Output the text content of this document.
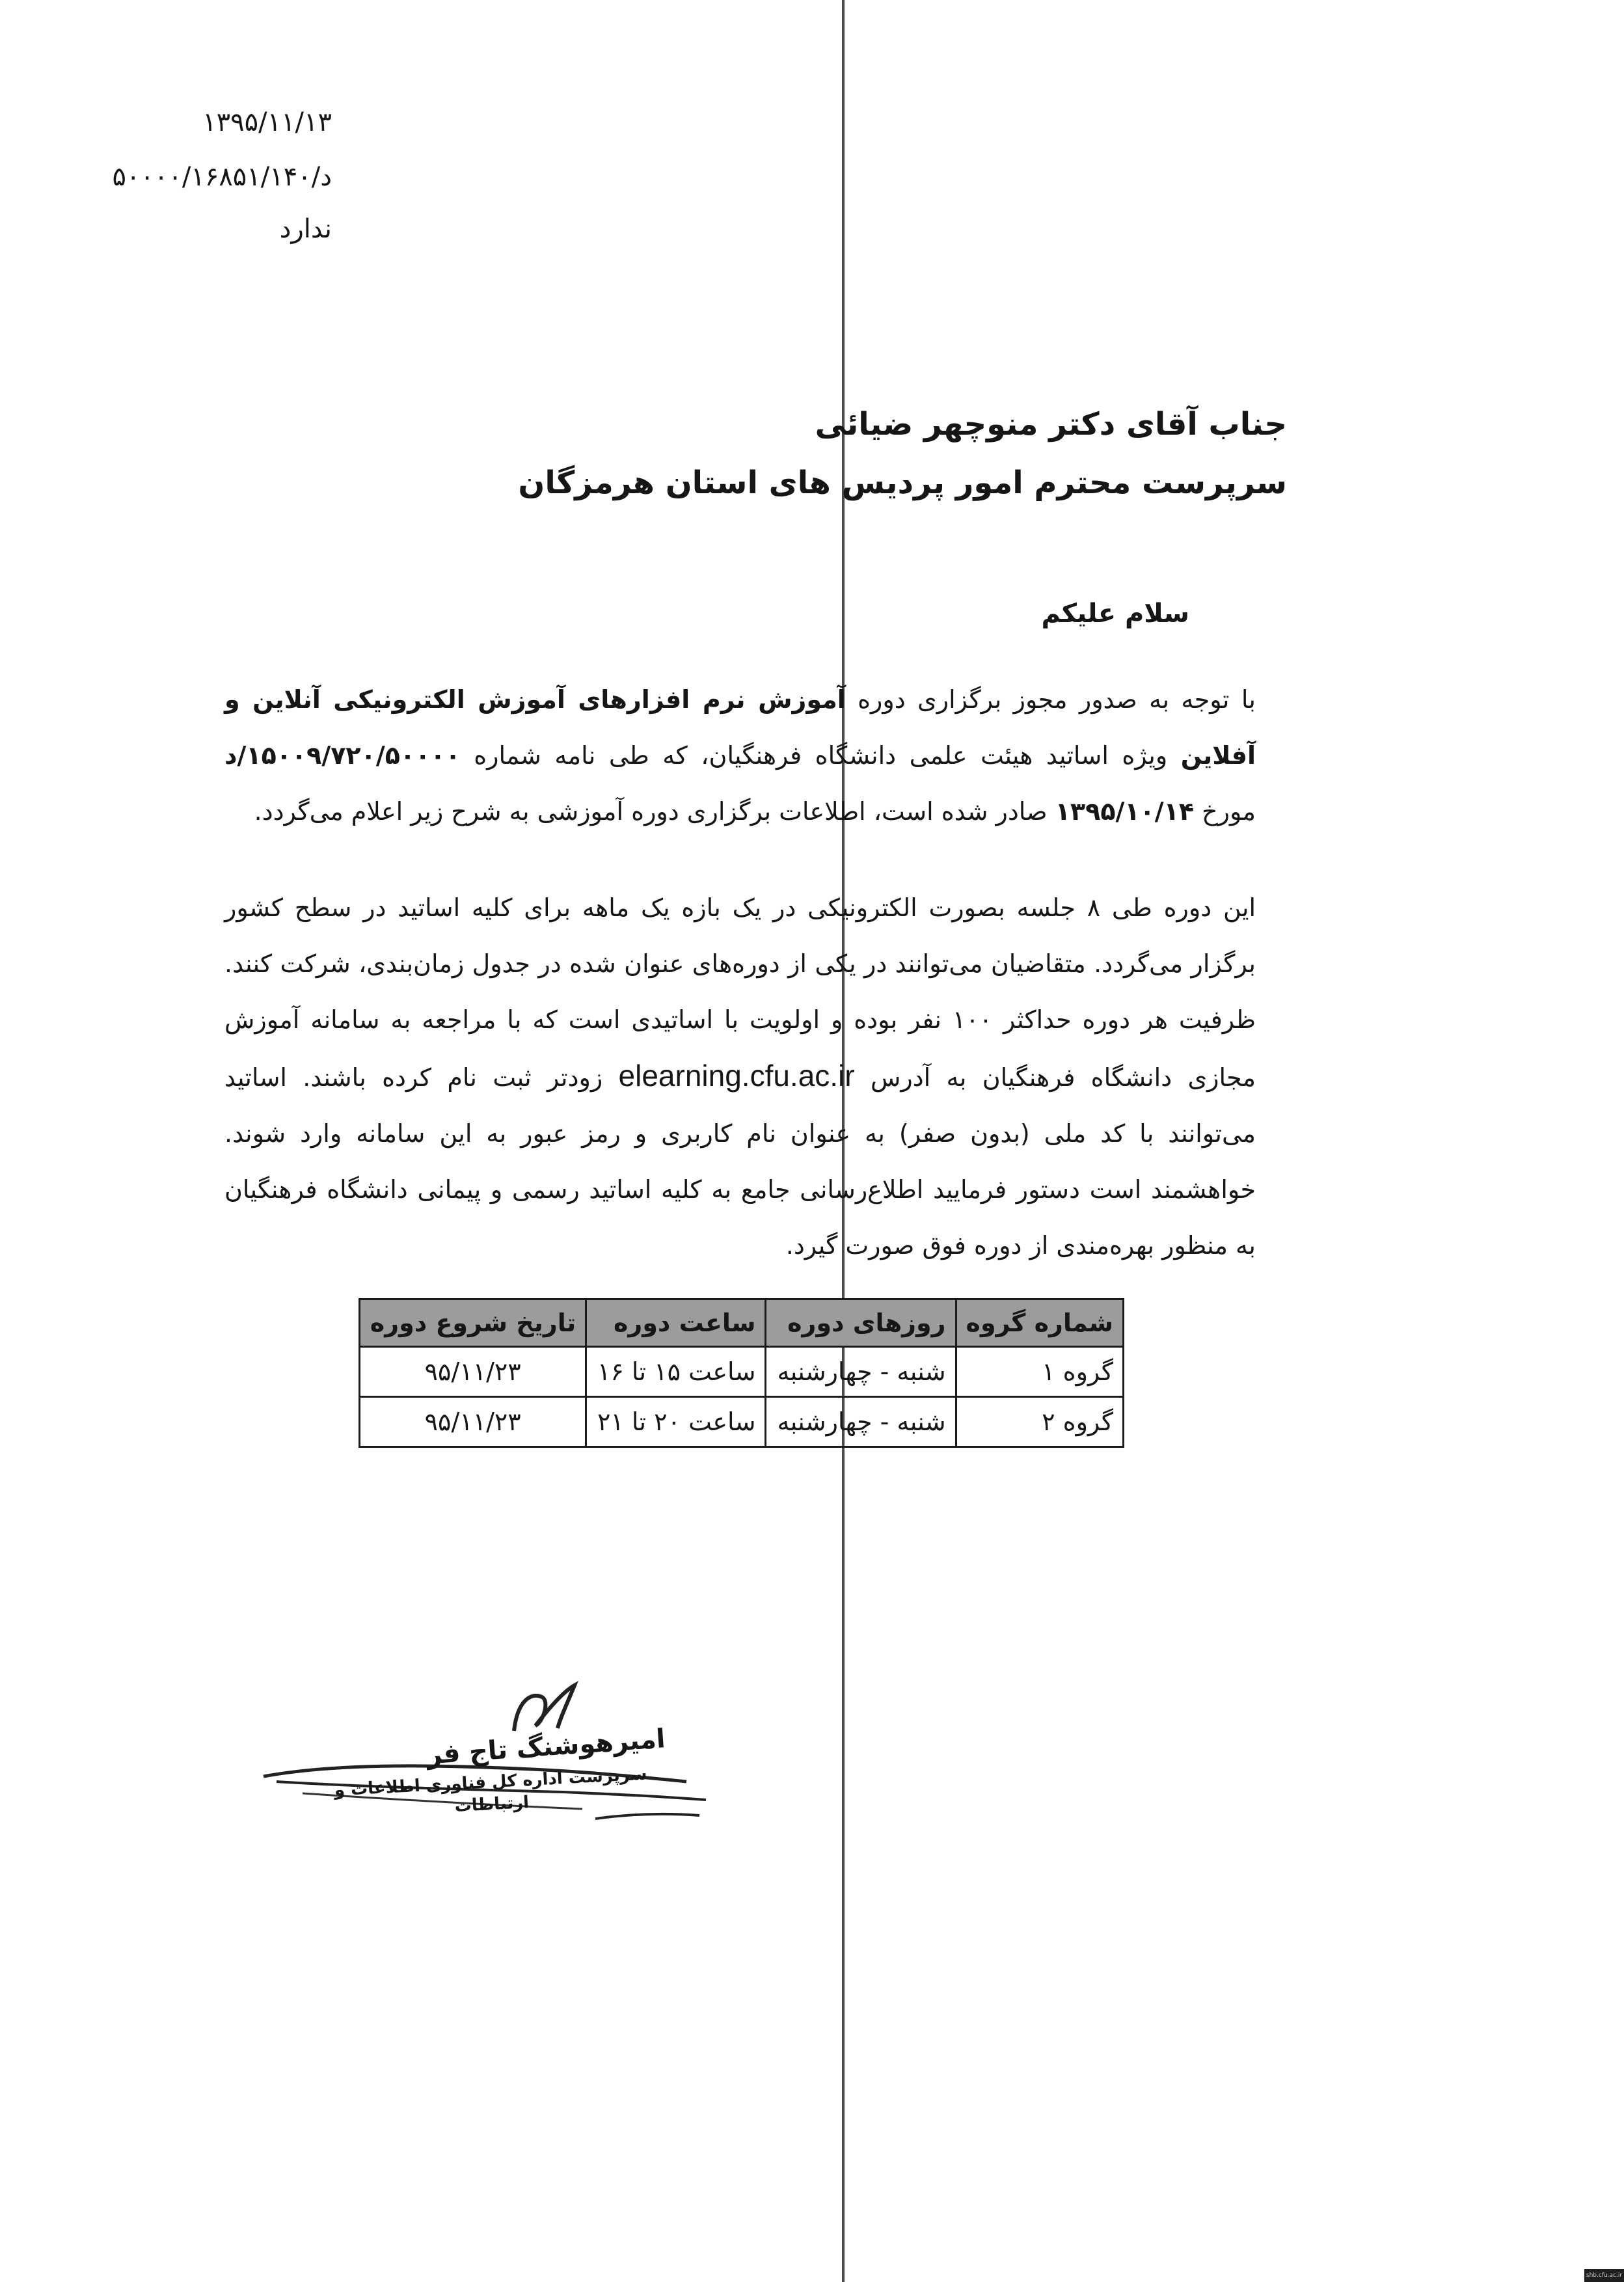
۱۳۹۵/۱۱/۱۳
۵۰۰۰۰/۱۶۸۵۱/۱۴۰/د
ندارد
جناب آقای دکتر منوچهر ضیائی
سرپرست محترم امور پردیس های استان هرمزگان
سلام علیکم

با توجه به صدور مجوز برگزاری دوره آموزش نرم افزارهای آموزش الکترونیکی آنلاین و آفلاین ویژه اساتید هیئت علمی دانشگاه فرهنگیان، که طی نامه شماره ۱۵۰۰۹/۷۲۰/۵۰۰۰۰/د مورخ ۱۳۹۵/۱۰/۱۴ صادر شده است، اطلاعات برگزاری دوره آموزشی به شرح زیر اعلام می‌گردد.

این دوره طی ۸ جلسه بصورت الکترونیکی در یک بازه یک ماهه برای کلیه اساتید در سطح کشور برگزار می‌گردد. متقاضیان می‌توانند در یکی از دوره‌های عنوان شده در جدول زمان‌بندی، شرکت کنند. ظرفیت هر دوره حداکثر ۱۰۰ نفر بوده و اولویت با اساتیدی است که با مراجعه به سامانه آموزش مجازی دانشگاه فرهنگیان به آدرس elearning.cfu.ac.ir زودتر ثبت نام کرده باشند. اساتید می‌توانند با کد ملی (بدون صفر) به عنوان نام کاربری و رمز عبور به این سامانه وارد شوند. خواهشمند است دستور فرمایید اطلاع‌رسانی جامع به کلیه اساتید رسمی و پیمانی دانشگاه فرهنگیان به منظور بهره‌مندی از دوره فوق صورت گیرد.

شماره گروه	روزهای دوره	ساعت دوره	تاریخ شروع دوره
گروه ۱	شنبه - چهارشنبه	ساعت ۱۵ تا ۱۶	۹۵/۱۱/۲۳
گروه ۲	شنبه - چهارشنبه	ساعت ۲۰ تا ۲۱	۹۵/۱۱/۲۳
امیرهوشنگ تاج فر
سرپرست اداره کل فناوری اطلاعات و ارتباطات
shb.cfu.ac.ir
